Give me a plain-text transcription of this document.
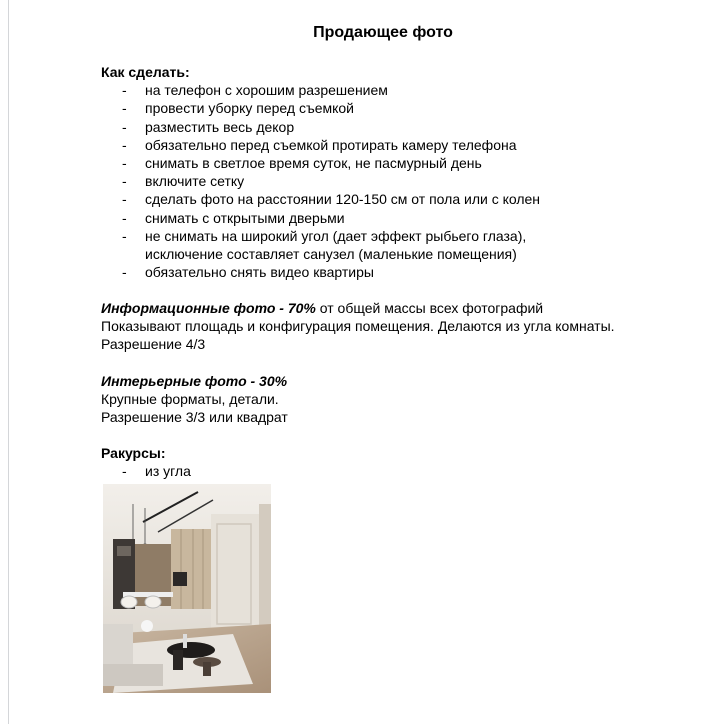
Продающее фото
Как сделать:
- на телефон с хорошим разрешением
- провести уборку перед съемкой
- разместить весь декор
- обязательно перед съемкой протирать камеру телефона
- снимать в светлое время суток, не пасмурный день
- включите сетку
- сделать фото на расстоянии 120-150 см от пола или с колен
- снимать с открытыми дверьми
- не снимать на широкий угол (дает эффект рыбьего глаза), исключение составляет санузел (маленькие помещения)
- обязательно снять видео квартиры
Информационные фото - 70% от общей массы всех фотографий
Показывают площадь и конфигурация помещения. Делаются из угла комнаты.
Разрешение 4/3
Интерьерные фото - 30%
Крупные форматы, детали.
Разрешение 3/3 или квадрат
Ракурсы:
- из угла
